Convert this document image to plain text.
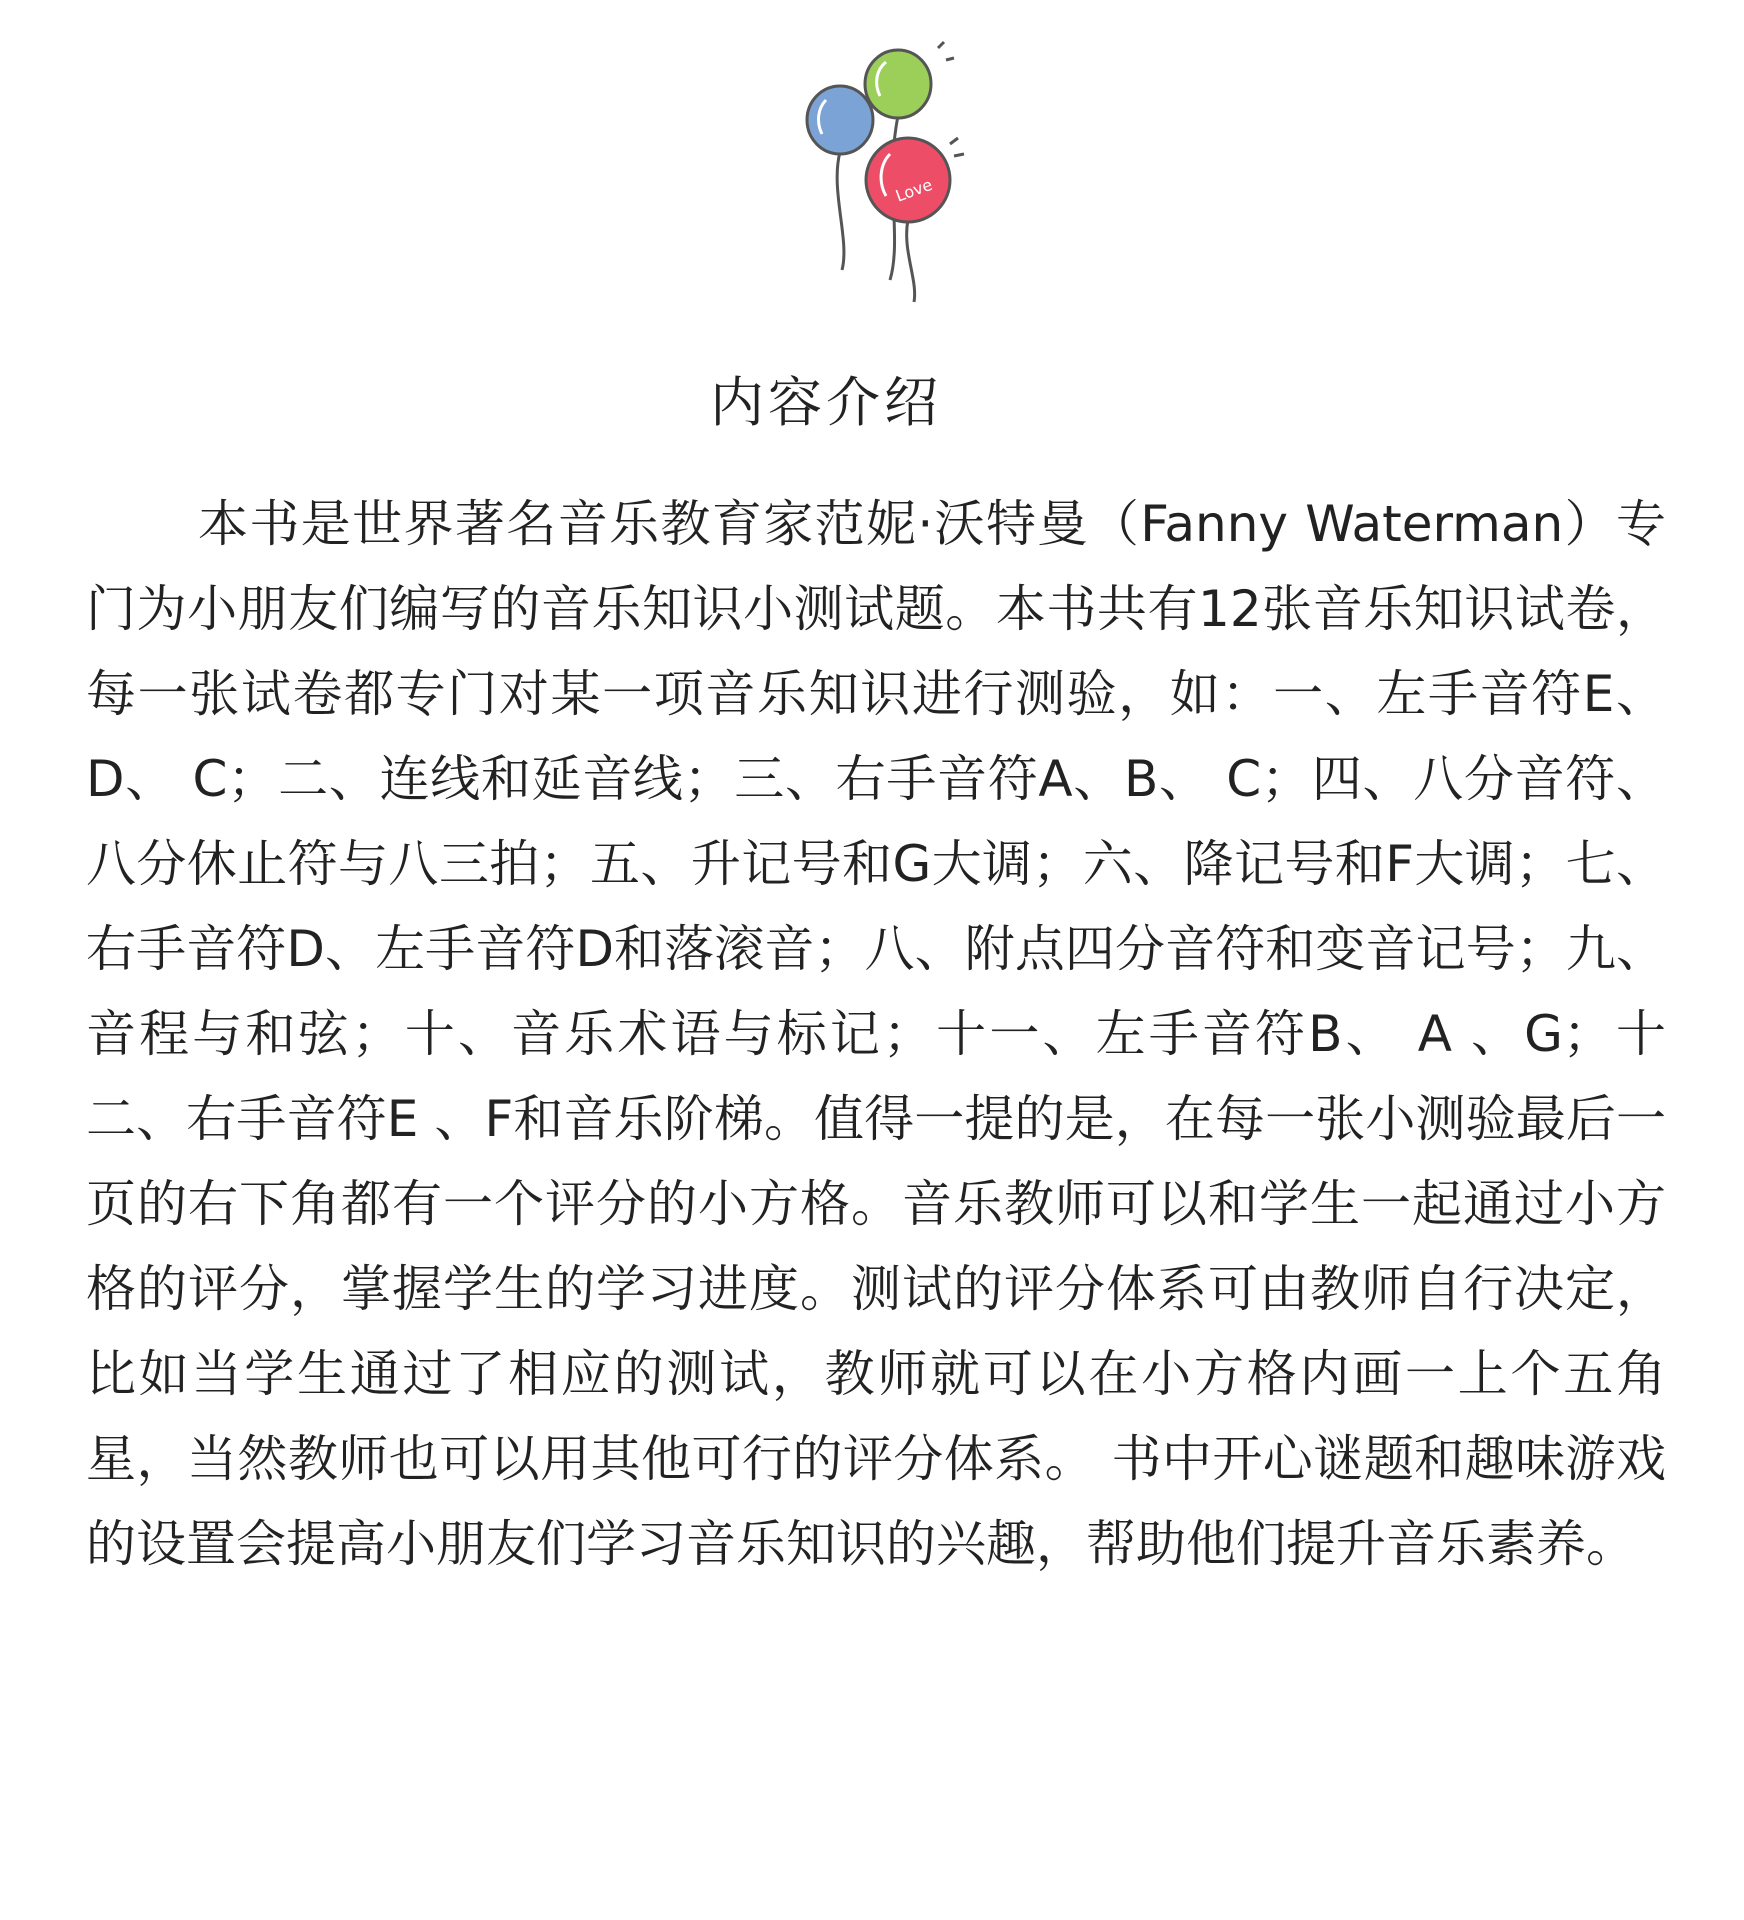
Love
内容介绍

本书是世界著名音乐教育家范妮·沃特曼（Fanny Waterman）专门为小朋友们编写的音乐知识小测试题。本书共有12张音乐知识试卷，每一张试卷都专门对某一项音乐知识进行测验，如：一、左手音符E、 D、 C；二、连线和延音线；三、右手音符A、B、 C；四、八分音符、八分休止符与八三拍；五、升记号和G大调；六、降记号和F大调；七、右手音符D、左手音符D和落滚音；八、附点四分音符和变音记号；九、音程与和弦；十、音乐术语与标记；十一、左手音符B、 A 、G；十二、右手音符E 、F和音乐阶梯。值得一提的是，在每一张小测验最后一页的右下角都有一个评分的小方格。音乐教师可以和学生一起通过小方格的评分，掌握学生的学习进度。测试的评分体系可由教师自行决定，比如当学生通过了相应的测试，教师就可以在小方格内画一上个五角星，当然教师也可以用其他可行的评分体系。 书中开心谜题和趣味游戏的设置会提高小朋友们学习音乐知识的兴趣，帮助他们提升音乐素养。
